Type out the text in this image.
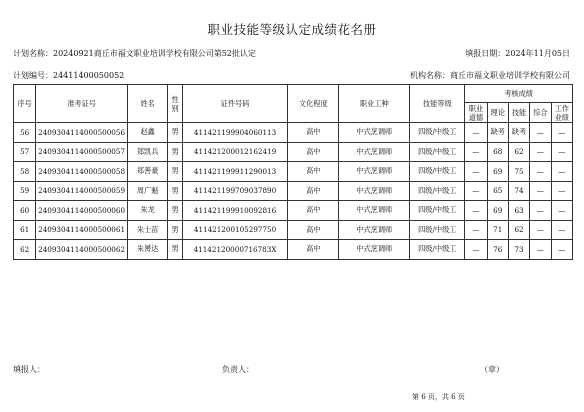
职业技能等级认定成绩花名册
计划名称：20240921商丘市福文职业培训学校有限公司第52批认定	填报日期：2024年11月05日
计划编号：24411400050052	机构名称：商丘市福文职业培训学校有限公司
序号	准考证号	姓名	性别	证件号码	文化程度	职业工种	技能等级	考核成绩				
								职业道德	理论	技能	综合	工作业绩
56	240930411400050005​6	赵鑫	男	411421199904060113	高中	中式烹调师	四级/中级工	—	缺考	缺考	—	—
57	2409304114000500057	郑凯兵	男	411421200012162419	高中	中式烹调师	四级/中级工	—	68	62	—	—
58	2409304114000500058	郑善豪	男	411421199911290013	高中	中式烹调师	四级/中级工	—	69	75	—	—
59	2409304114000500059	周广魁	男	411421199709037890	高中	中式烹调师	四级/中级工	—	65	74	—	—
60	2409304114000500060	朱龙	男	411421199910092816	高中	中式烹调师	四级/中级工	—	69	63	—	—
61	2409304114000500061	朱士苗	男	411421200105297750	高中	中式烹调师	四级/中级工	—	71	62	—	—
62	2409304114000500062	朱赟达	男	41142120000716783X	高中	中式烹调师	四级/中级工	—	76	73	—	—
填报人：	负责人：	（章）
第 6 页，共 6 页
